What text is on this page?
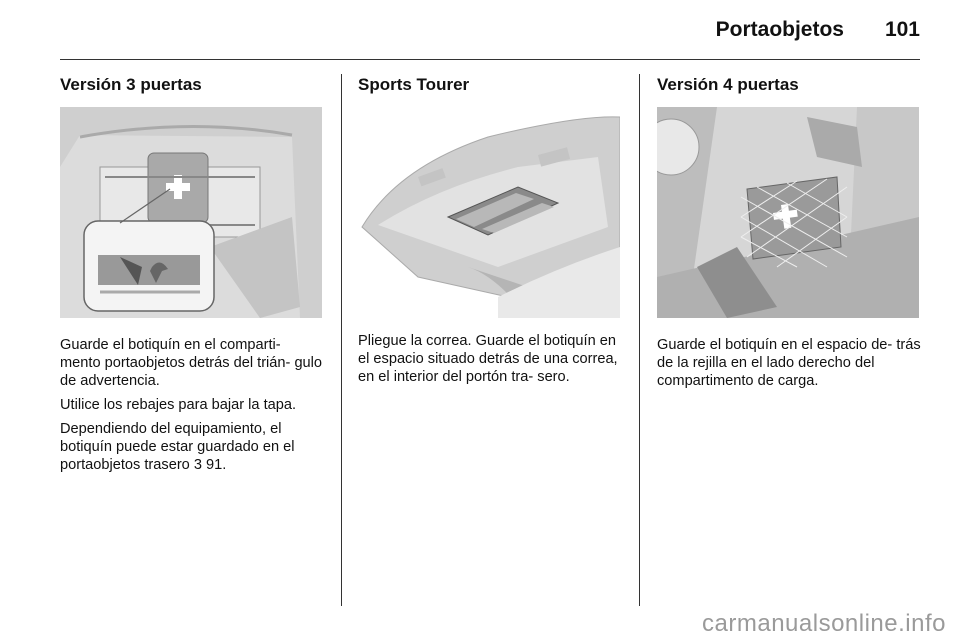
Portaobjetos 101
Versión 3 puertas

Guarde el botiquín en el comparti‐ mento portaobjetos detrás del trián‐ gulo de advertencia.

Utilice los rebajes para bajar la tapa.

Dependiendo del equipamiento, el botiquín puede estar guardado en el portaobjetos trasero 3 91.

Sports Tourer

Pliegue la correa. Guarde el botiquín en el espacio situado detrás de una correa, en el interior del portón tra‐ sero.

Versión 4 puertas

Guarde el botiquín en el espacio de‐ trás de la rejilla en el lado derecho del compartimento de carga.

carmanualsonline.info
